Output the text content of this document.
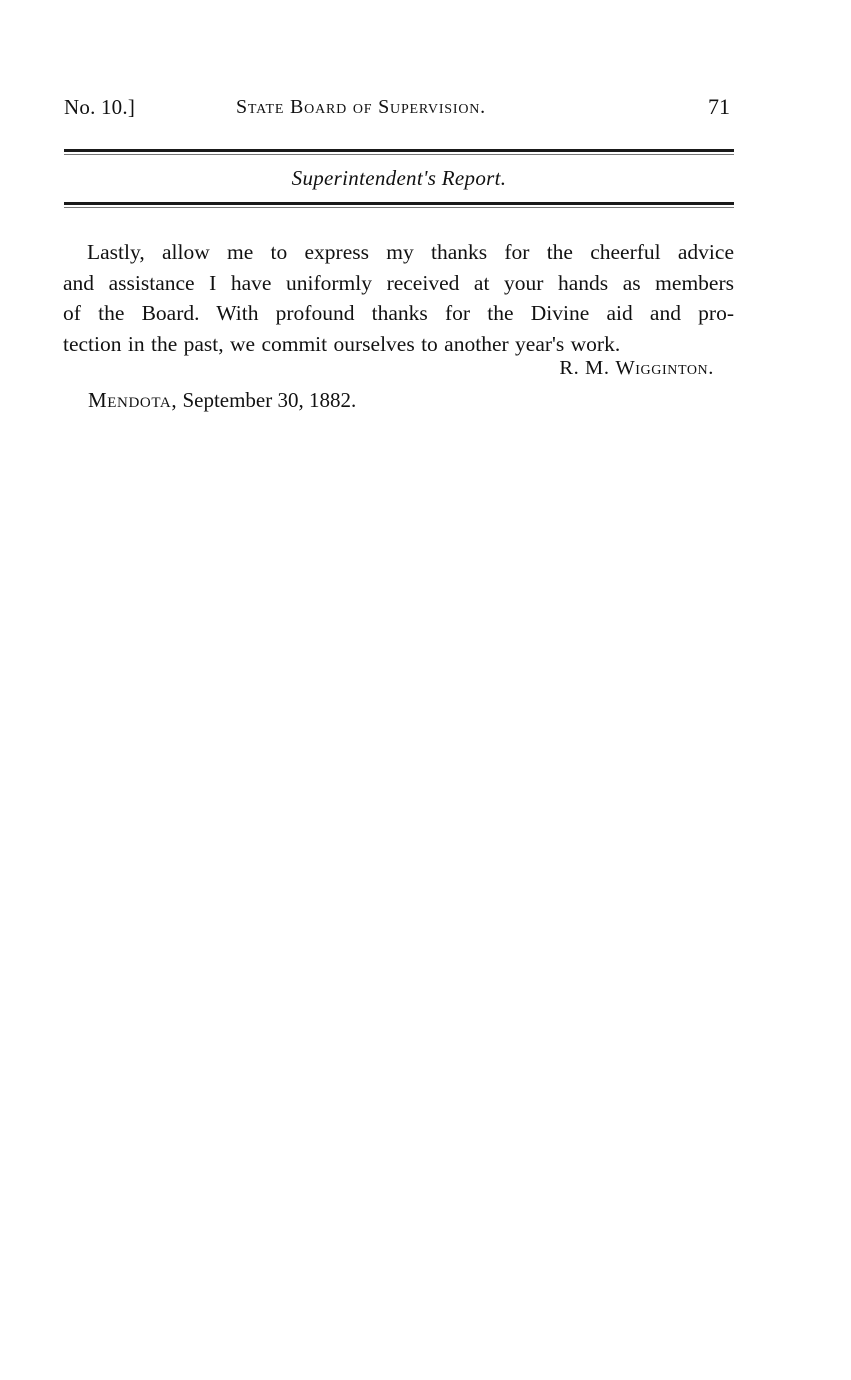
No. 10.]	State Board of Supervision.	71
Superintendent's Report.
Lastly, allow me to express my thanks for the cheerful advice
and assistance I have uniformly received at your hands as members
of the Board. With profound thanks for the Divine aid and pro-
tection in the past, we commit ourselves to another year's work.
R. M. Wigginton.
Mendota, September 30, 1882.
